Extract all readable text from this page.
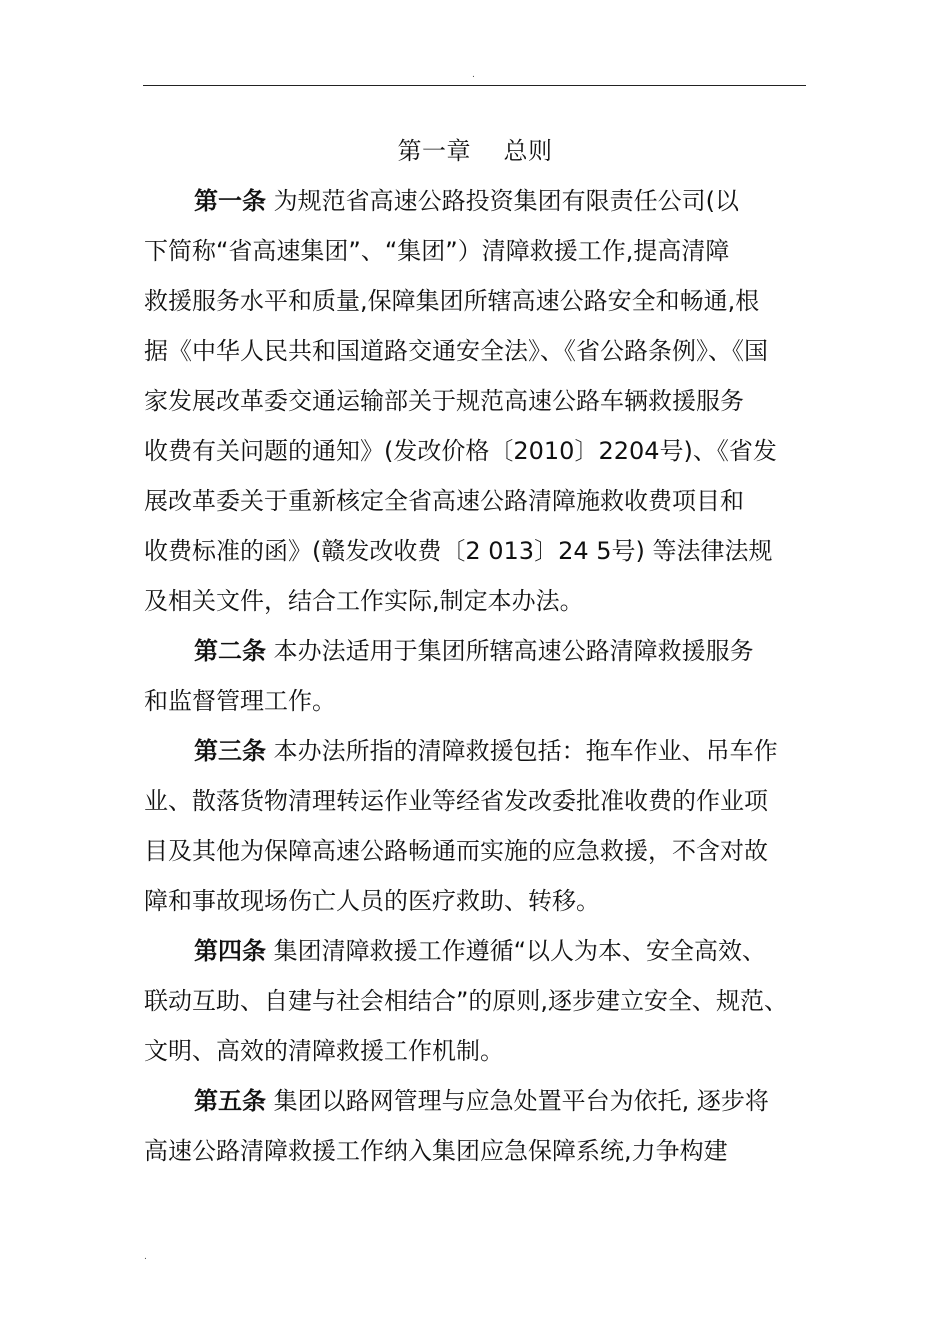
.
第一章    总则
第一条 为规范省高速公路投资集团有限责任公司(以
下简称“省高速集团”、“集团”）清障救援工作,提高清障
救援服务水平和质量,保障集团所辖高速公路安全和畅通,根
据《中华人民共和国道路交通安全法》、《省公路条例》、《国
家发展改革委交通运输部关于规范高速公路车辆救援服务
收费有关问题的通知》(发改价格〔2010〕2204号)、《省发
展改革委关于重新核定全省高速公路清障施救收费项目和
收费标准的函》(赣发改收费〔2 013〕24 5号) 等法律法规
及相关文件，结合工作实际,制定本办法。
第二条 本办法适用于集团所辖高速公路清障救援服务
和监督管理工作。
第三条 本办法所指的清障救援包括：拖车作业、吊车作
业、散落货物清理转运作业等经省发改委批准收费的作业项
目及其他为保障高速公路畅通而实施的应急救援，不含对故
障和事故现场伤亡人员的医疗救助、转移。
第四条 集团清障救援工作遵循“以人为本、安全高效、
联动互助、自建与社会相结合”的原则,逐步建立安全、规范、
文明、高效的清障救援工作机制。
第五条 集团以路网管理与应急处置平台为依托, 逐步将
高速公路清障救援工作纳入集团应急保障系统,力争构建
.
